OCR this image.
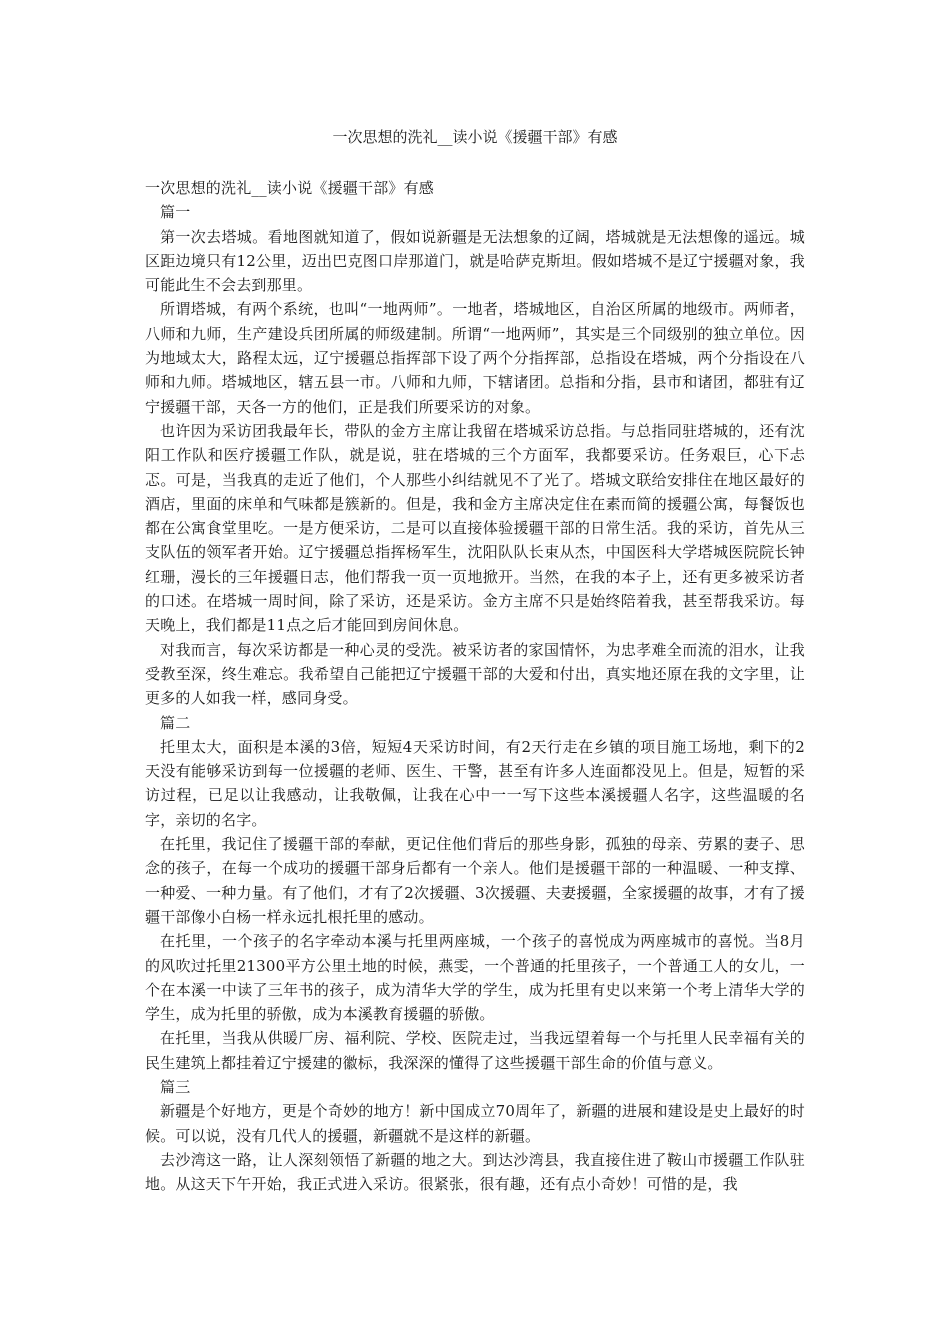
一次思想的洗礼__读小说《援疆干部》有感

一次思想的洗礼__读小说《援疆干部》有感

篇一

第一次去塔城。看地图就知道了，假如说新疆是无法想象的辽阔，塔城就是无法想像的遥远。城区距边境只有12公里，迈出巴克图口岸那道门，就是哈萨克斯坦。假如塔城不是辽宁援疆对象，我可能此生不会去到那里。

所谓塔城，有两个系统，也叫“一地两师”。一地者，塔城地区，自治区所属的地级市。两师者，八师和九师，生产建设兵团所属的师级建制。所谓“一地两师”，其实是三个同级别的独立单位。因为地域太大，路程太远，辽宁援疆总指挥部下设了两个分指挥部，总指设在塔城，两个分指设在八师和九师。塔城地区，辖五县一市。八师和九师，下辖诸团。总指和分指，县市和诸团，都驻有辽宁援疆干部，天各一方的他们，正是我们所要采访的对象。

也许因为采访团我最年长，带队的金方主席让我留在塔城采访总指。与总指同驻塔城的，还有沈阳工作队和医疗援疆工作队，就是说，驻在塔城的三个方面军，我都要采访。任务艰巨，心下忐忑。可是，当我真的走近了他们，个人那些小纠结就见不了光了。塔城文联给安排住在地区最好的酒店，里面的床单和气味都是簇新的。但是，我和金方主席决定住在素而简的援疆公寓，每餐饭也都在公寓食堂里吃。一是方便采访，二是可以直接体验援疆干部的日常生活。我的采访，首先从三支队伍的领军者开始。辽宁援疆总指挥杨军生，沈阳队队长束从杰，中国医科大学塔城医院院长钟红珊，漫长的三年援疆日志，他们帮我一页一页地掀开。当然，在我的本子上，还有更多被采访者的口述。在塔城一周时间，除了采访，还是采访。金方主席不只是始终陪着我，甚至帮我采访。每天晚上，我们都是11点之后才能回到房间休息。

对我而言，每次采访都是一种心灵的受洗。被采访者的家国情怀，为忠孝难全而流的泪水，让我受教至深，终生难忘。我希望自己能把辽宁援疆干部的大爱和付出，真实地还原在我的文字里，让更多的人如我一样，感同身受。

篇二

托里太大，面积是本溪的3倍，短短4天采访时间，有2天行走在乡镇的项目施工场地，剩下的2天没有能够采访到每一位援疆的老师、医生、干警，甚至有许多人连面都没见上。但是，短暂的采访过程，已足以让我感动，让我敬佩，让我在心中一一写下这些本溪援疆人名字，这些温暖的名字，亲切的名字。

在托里，我记住了援疆干部的奉献，更记住他们背后的那些身影，孤独的母亲、劳累的妻子、思念的孩子，在每一个成功的援疆干部身后都有一个亲人。他们是援疆干部的一种温暖、一种支撑、一种爱、一种力量。有了他们，才有了2次援疆、3次援疆、夫妻援疆，全家援疆的故事，才有了援疆干部像小白杨一样永远扎根托里的感动。

在托里，一个孩子的名字牵动本溪与托里两座城，一个孩子的喜悦成为两座城市的喜悦。当8月的风吹过托里21300平方公里土地的时候，燕雯，一个普通的托里孩子，一个普通工人的女儿，一个在本溪一中读了三年书的孩子，成为清华大学的学生，成为托里有史以来第一个考上清华大学的学生，成为托里的骄傲，成为本溪教育援疆的骄傲。

在托里，当我从供暖厂房、福利院、学校、医院走过，当我远望着每一个与托里人民幸福有关的民生建筑上都挂着辽宁援建的徽标，我深深的懂得了这些援疆干部生命的价值与意义。

篇三

新疆是个好地方，更是个奇妙的地方！新中国成立70周年了，新疆的进展和建设是史上最好的时候。可以说，没有几代人的援疆，新疆就不是这样的新疆。

去沙湾这一路，让人深刻领悟了新疆的地之大。到达沙湾县，我直接住进了鞍山市援疆工作队驻地。从这天下午开始，我正式进入采访。很紧张，很有趣，还有点小奇妙！可惜的是，我
